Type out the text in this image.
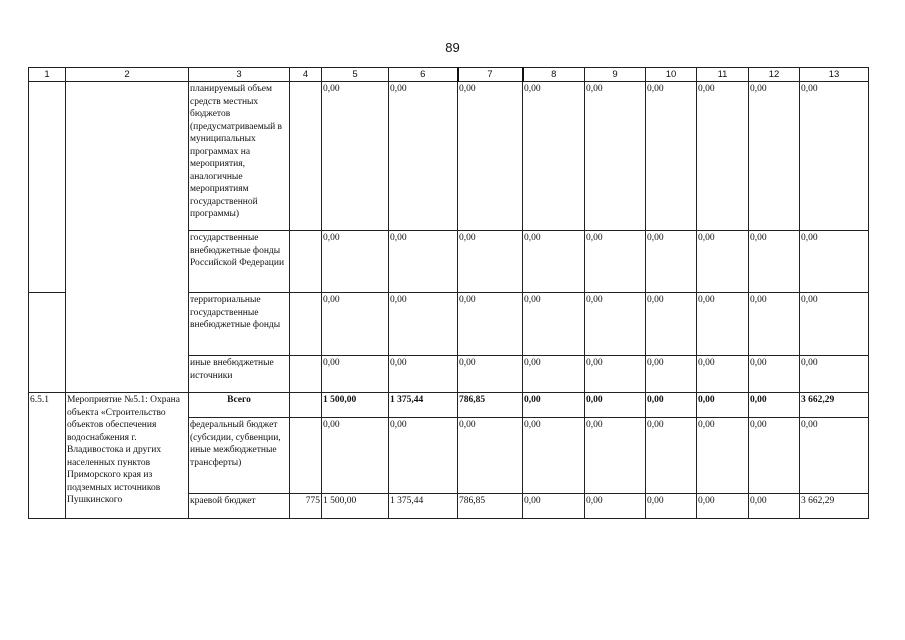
89
1	2	3	4	5	6	7	8	9	10	11	12	13
		планируемый объем средств местных бюджетов (предусматриваемый в муниципальных программах на мероприятия, аналогичные мероприятиям государственной программы)		0,00	0,00	0,00	0,00	0,00	0,00	0,00	0,00	0,00
		государственные внебюджетные фонды Российской Федерации		0,00	0,00	0,00	0,00	0,00	0,00	0,00	0,00	0,00
		территориальные государственные внебюджетные фонды		0,00	0,00	0,00	0,00	0,00	0,00	0,00	0,00	0,00
		иные внебюджетные источники		0,00	0,00	0,00	0,00	0,00	0,00	0,00	0,00	0,00
6.5.1	Мероприятие №5.1: Охрана объекта «Строительство объектов обеспечения водоснабжения г. Владивостока и других населенных пунктов Приморского края из подземных источников Пушкинского	Всего		1 500,00	1 375,44	786,85	0,00	0,00	0,00	0,00	0,00	3 662,29
		федеральный бюджет (субсидии, субвенции, иные межбюджетные трансферты)		0,00	0,00	0,00	0,00	0,00	0,00	0,00	0,00	0,00
		краевой бюджет	775	1 500,00	1 375,44	786,85	0,00	0,00	0,00	0,00	0,00	3 662,29
